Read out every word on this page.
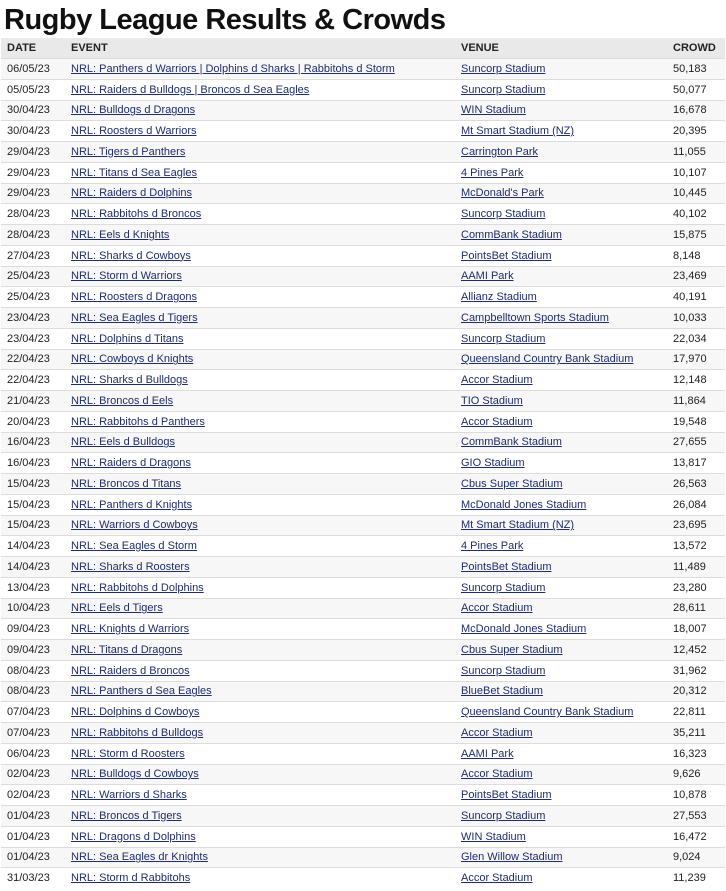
Rugby League Results & Crowds
DATE	EVENT	VENUE	CROWD
06/05/23	NRL: Panthers d Warriors | Dolphins d Sharks | Rabbitohs d Storm	Suncorp Stadium	50,183
05/05/23	NRL: Raiders d Bulldogs | Broncos d Sea Eagles	Suncorp Stadium	50,077
30/04/23	NRL: Bulldogs d Dragons	WIN Stadium	16,678
30/04/23	NRL: Roosters d Warriors	Mt Smart Stadium (NZ)	20,395
29/04/23	NRL: Tigers d Panthers	Carrington Park	11,055
29/04/23	NRL: Titans d Sea Eagles	4 Pines Park	10,107
29/04/23	NRL: Raiders d Dolphins	McDonald's Park	10,445
28/04/23	NRL: Rabbitohs d Broncos	Suncorp Stadium	40,102
28/04/23	NRL: Eels d Knights	CommBank Stadium	15,875
27/04/23	NRL: Sharks d Cowboys	PointsBet Stadium	8,148
25/04/23	NRL: Storm d Warriors	AAMI Park	23,469
25/04/23	NRL: Roosters d Dragons	Allianz Stadium	40,191
23/04/23	NRL: Sea Eagles d Tigers	Campbelltown Sports Stadium	10,033
23/04/23	NRL: Dolphins d Titans	Suncorp Stadium	22,034
22/04/23	NRL: Cowboys d Knights	Queensland Country Bank Stadium	17,970
22/04/23	NRL: Sharks d Bulldogs	Accor Stadium	12,148
21/04/23	NRL: Broncos d Eels	TIO Stadium	11,864
20/04/23	NRL: Rabbitohs d Panthers	Accor Stadium	19,548
16/04/23	NRL: Eels d Bulldogs	CommBank Stadium	27,655
16/04/23	NRL: Raiders d Dragons	GIO Stadium	13,817
15/04/23	NRL: Broncos d Titans	Cbus Super Stadium	26,563
15/04/23	NRL: Panthers d Knights	McDonald Jones Stadium	26,084
15/04/23	NRL: Warriors d Cowboys	Mt Smart Stadium (NZ)	23,695
14/04/23	NRL: Sea Eagles d Storm	4 Pines Park	13,572
14/04/23	NRL: Sharks d Roosters	PointsBet Stadium	11,489
13/04/23	NRL: Rabbitohs d Dolphins	Suncorp Stadium	23,280
10/04/23	NRL: Eels d Tigers	Accor Stadium	28,611
09/04/23	NRL: Knights d Warriors	McDonald Jones Stadium	18,007
09/04/23	NRL: Titans d Dragons	Cbus Super Stadium	12,452
08/04/23	NRL: Raiders d Broncos	Suncorp Stadium	31,962
08/04/23	NRL: Panthers d Sea Eagles	BlueBet Stadium	20,312
07/04/23	NRL: Dolphins d Cowboys	Queensland Country Bank Stadium	22,811
07/04/23	NRL: Rabbitohs d Bulldogs	Accor Stadium	35,211
06/04/23	NRL: Storm d Roosters	AAMI Park	16,323
02/04/23	NRL: Bulldogs d Cowboys	Accor Stadium	9,626
02/04/23	NRL: Warriors d Sharks	PointsBet Stadium	10,878
01/04/23	NRL: Broncos d Tigers	Suncorp Stadium	27,553
01/04/23	NRL: Dragons d Dolphins	WIN Stadium	16,472
01/04/23	NRL: Sea Eagles dr Knights	Glen Willow Stadium	9,024
31/03/23	NRL: Storm d Rabbitohs	Accor Stadium	11,239
